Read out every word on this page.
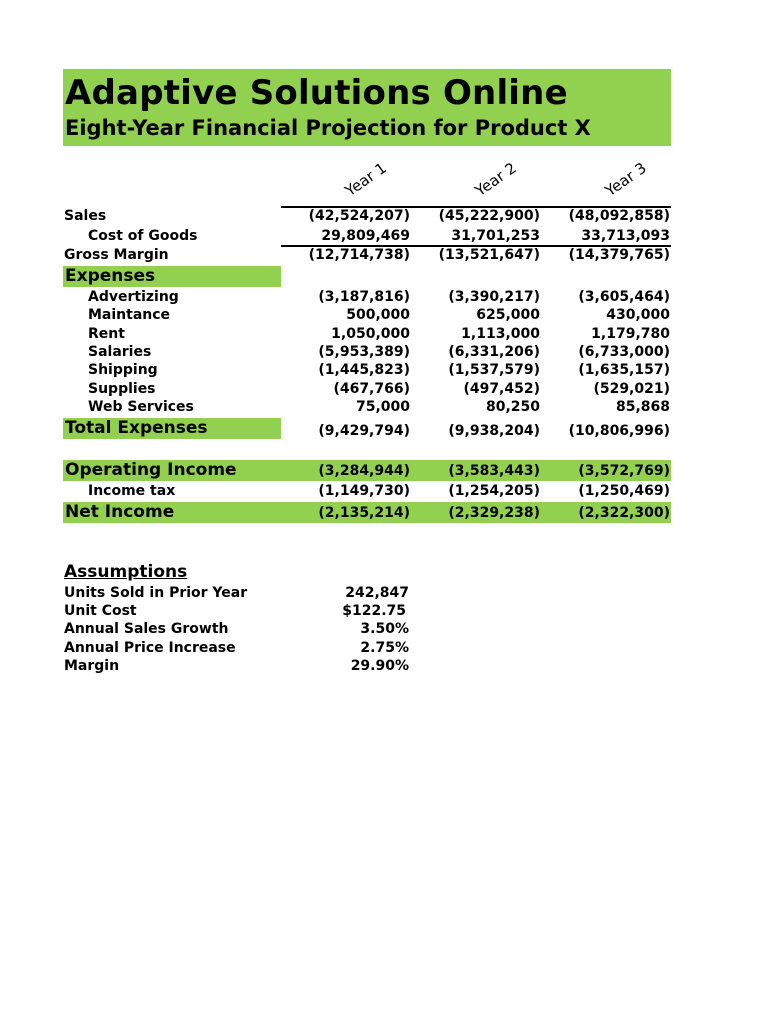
Adaptive Solutions Online
Eight-Year Financial Projection for Product X
Year 1	Year 2	Year 3
Sales	(42,524,207)	(45,222,900)	(48,092,858)
Cost of Goods	29,809,469	31,701,253	33,713,093
Gross Margin	(12,714,738)	(13,521,647)	(14,379,765)
Expenses
Advertizing	(3,187,816)	(3,390,217)	(3,605,464)
Maintance	500,000	625,000	430,000
Rent	1,050,000	1,113,000	1,179,780
Salaries	(5,953,389)	(6,331,206)	(6,733,000)
Shipping	(1,445,823)	(1,537,579)	(1,635,157)
Supplies	(467,766)	(497,452)	(529,021)
Web Services	75,000	80,250	85,868
Total Expenses	(9,429,794)	(9,938,204)	(10,806,996)
Operating Income	(3,284,944)	(3,583,443)	(3,572,769)
Income tax	(1,149,730)	(1,254,205)	(1,250,469)
Net Income	(2,135,214)	(2,329,238)	(2,322,300)
Assumptions
Units Sold in Prior Year	242,847
Unit Cost	$122.75
Annual Sales Growth	3.50%
Annual Price Increase	2.75%
Margin	29.90%
